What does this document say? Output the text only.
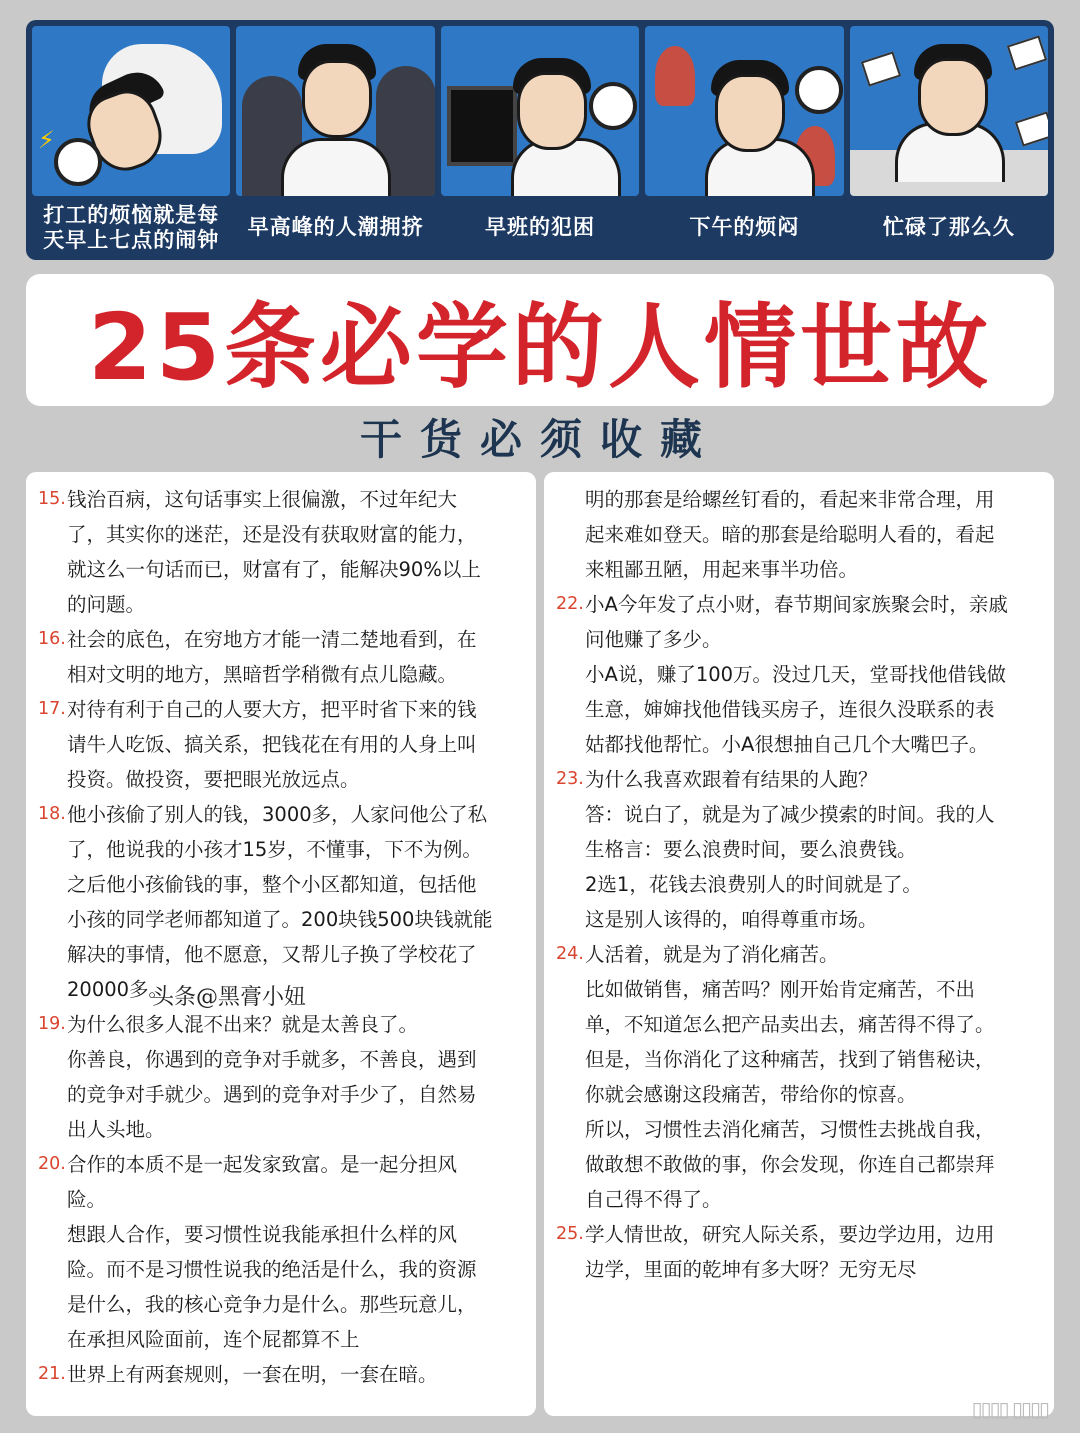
⚡
打工的烦恼就是每天早上七点的闹钟
早高峰的人潮拥挤	早班的犯困	下午的烦闷	忙碌了那么久
25条必学的人情世故
干货必须收藏
15. 钱治百病，这句话事实上很偏激，不过年纪大
了，其实你的迷茫，还是没有获取财富的能力，
就这么一句话而已，财富有了，能解决90%以上
的问题。
16. 社会的底色，在穷地方才能一清二楚地看到，在
相对文明的地方，黑暗哲学稍微有点儿隐藏。
17. 对待有利于自己的人要大方，把平时省下来的钱
请牛人吃饭、搞关系，把钱花在有用的人身上叫
投资。做投资，要把眼光放远点。
18. 他小孩偷了别人的钱，3000多，人家问他公了私
了，他说我的小孩才15岁，不懂事，下不为例。
之后他小孩偷钱的事，整个小区都知道，包括他
小孩的同学老师都知道了。200块钱500块钱就能
解决的事情，他不愿意，又帮儿子换了学校花了
20000多。
19. 为什么很多人混不出来？就是太善良了。
你善良，你遇到的竞争对手就多，不善良，遇到
的竞争对手就少。遇到的竞争对手少了，自然易
出人头地。
20. 合作的本质不是一起发家致富。是一起分担风
险。
想跟人合作，要习惯性说我能承担什么样的风
险。而不是习惯性说我的绝活是什么，我的资源
是什么，我的核心竞争力是什么。那些玩意儿，
在承担风险面前，连个屁都算不上
21. 世界上有两套规则，一套在明，一套在暗。
明的那套是给螺丝钉看的，看起来非常合理，用
起来难如登天。暗的那套是给聪明人看的，看起
来粗鄙丑陋，用起来事半功倍。
22. 小A今年发了点小财，春节期间家族聚会时，亲戚
问他赚了多少。
小A说，赚了100万。没过几天，堂哥找他借钱做
生意，婶婶找他借钱买房子，连很久没联系的表
姑都找他帮忙。小A很想抽自己几个大嘴巴子。
23. 为什么我喜欢跟着有结果的人跑？
答：说白了，就是为了减少摸索的时间。我的人
生格言：要么浪费时间，要么浪费钱。
2选1，花钱去浪费别人的时间就是了。
这是别人该得的，咱得尊重市场。
24. 人活着，就是为了消化痛苦。
比如做销售，痛苦吗？刚开始肯定痛苦，不出
单，不知道怎么把产品卖出去，痛苦得不得了。
但是，当你消化了这种痛苦，找到了销售秘诀，
你就会感谢这段痛苦，带给你的惊喜。
所以，习惯性去消化痛苦，习惯性去挑战自我，
做敢想不敢做的事，你会发现，你连自己都崇拜
自己得不得了。
25. 学人情世故，研究人际关系，要边学边用，边用
边学，里面的乾坤有多大呀？无穷无尽
头条@黑膏小妞
▯▯▯▯ ▯▯▯▯
